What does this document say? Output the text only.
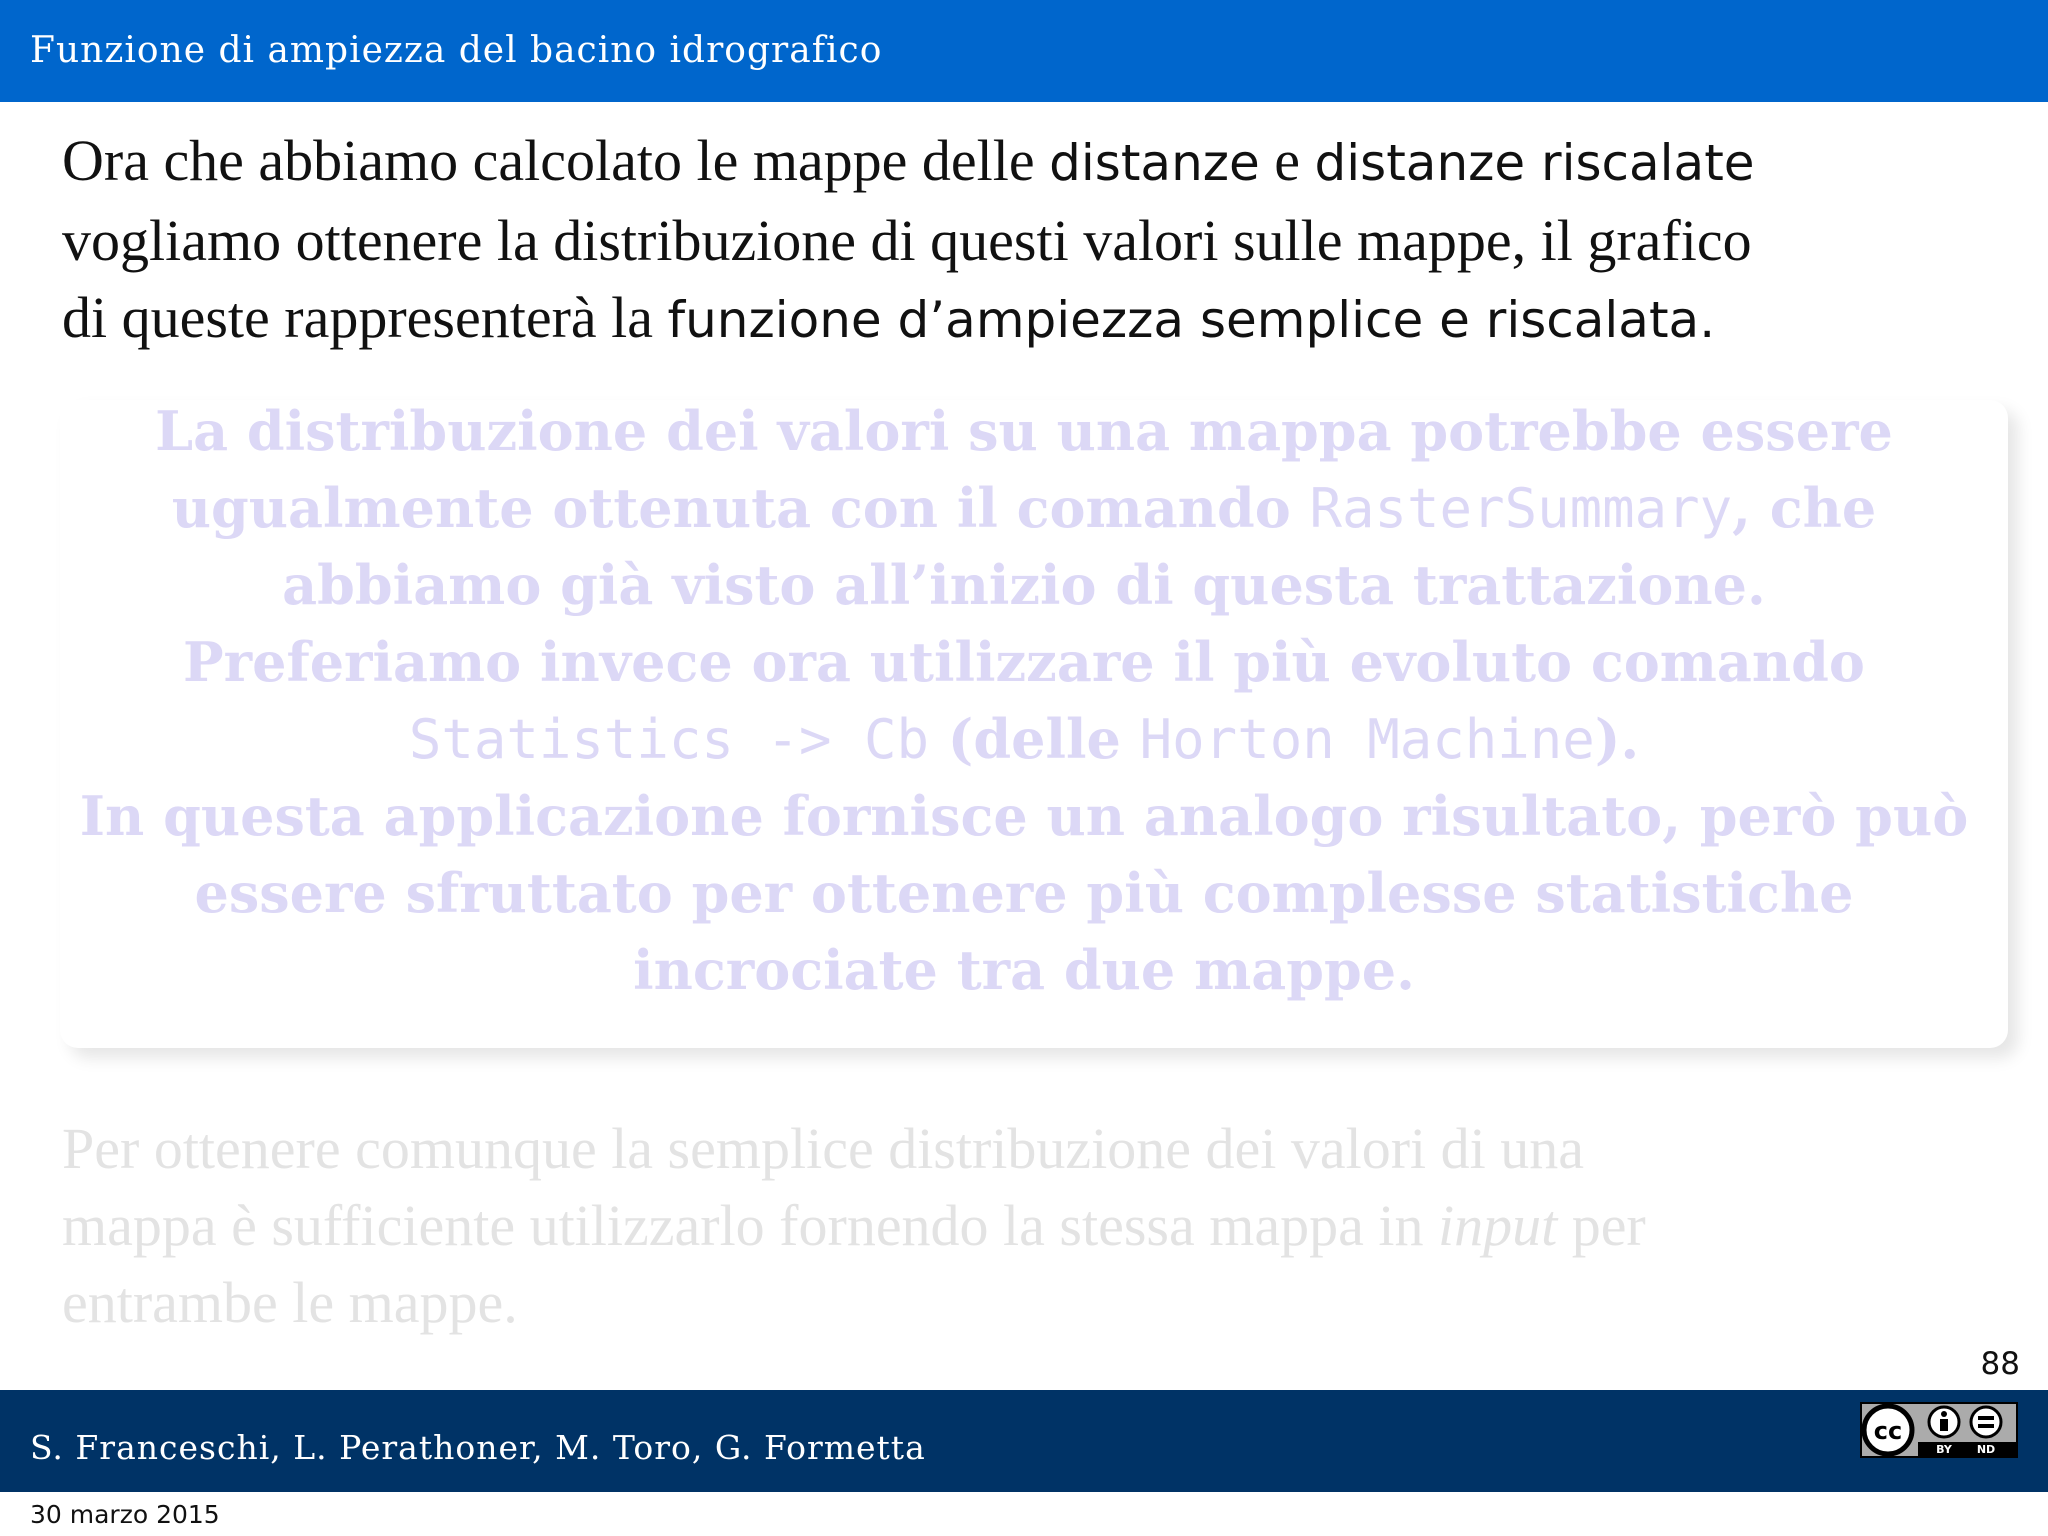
Funzione di ampiezza del bacino idrografico
Ora che abbiamo calcolato le mappe delle distanze e distanze riscalate
vogliamo ottenere la distribuzione di questi valori sulle mappe, il grafico
di queste rappresenterà la funzione d’ampiezza semplice e riscalata.
La distribuzione dei valori su una mappa potrebbe essere
ugualmente ottenuta con il comando RasterSummary, che
abbiamo già visto all’inizio di questa trattazione.
Preferiamo invece ora utilizzare il più evoluto comando
Statistics -> Cb (delle Horton Machine).
In questa applicazione fornisce un analogo risultato, però può
essere sfruttato per ottenere più complesse statistiche
incrociate tra due mappe.
Per ottenere comunque la semplice distribuzione dei valori di una
mappa è sufficiente utilizzarlo fornendo la stessa mappa in input per
entrambe le mappe.
88
S. Franceschi, L. Perathoner, M. Toro, G. Formetta	cc
BY ND
30 marzo 2015
